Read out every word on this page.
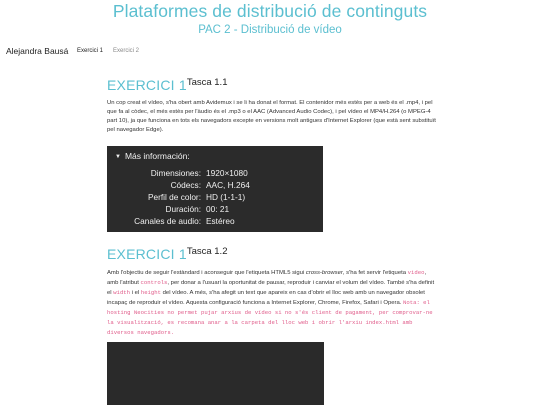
Plataformes de distribució de continguts
PAC 2 - Distribució de vídeo
Alejandra Bausá Exercici 1 Exercici 2
EXERCICI $1^{Tasca 1.1}$

Un cop creat el vídeo, s'ha obert amb Avidemux i se li ha donat el format. El contenidor més estès per a web és el .mp4, i pel que fa al còdec, el més estès per l'àudio és el .mp3 o el AAC (Advanced Audio Codec), i pel vídeo el MP4/H.264 (o MPEG-4 part 10), ja que funciona en tots els navegadors excepte en versions molt antigues d'Internet Explorer (que està sent substituït pel navegador Edge).

▼ Más información:
Dimensiones: 1920×1080
Códecs: AAC, H.264
Perfil de color: HD (1-1-1)
Duración: 00: 21
Canales de audio: Estéreo
EXERCICI $1^{Tasca 1.2}$

Amb l'objectiu de seguir l'estàndard i aconseguir que l'etiqueta HTML5 sigui cross-browser, s'ha fet servir l'etiqueta video, amb l'atribut controls, per donar a l'usuari la oportunitat de pausar, reproduir i canviar el volum del vídeo. També s'ha definit el width i el height del vídeo. A més, s'ha afegit un text que apareix en cas d'obrir el lloc web amb un navegador obsolet incapaç de reproduir el vídeo. Aquesta configuració funciona a Internet Explorer, Chrome, Firefox, Safari i Opera. Nota: el hosting Neocities no permet pujar arxius de vídeo si no s'és client de pagament, per comprovar-ne la visualització, es recomana anar a la carpeta del lloc web i obrir l'arxiu index.html amb diversos navegadors.
